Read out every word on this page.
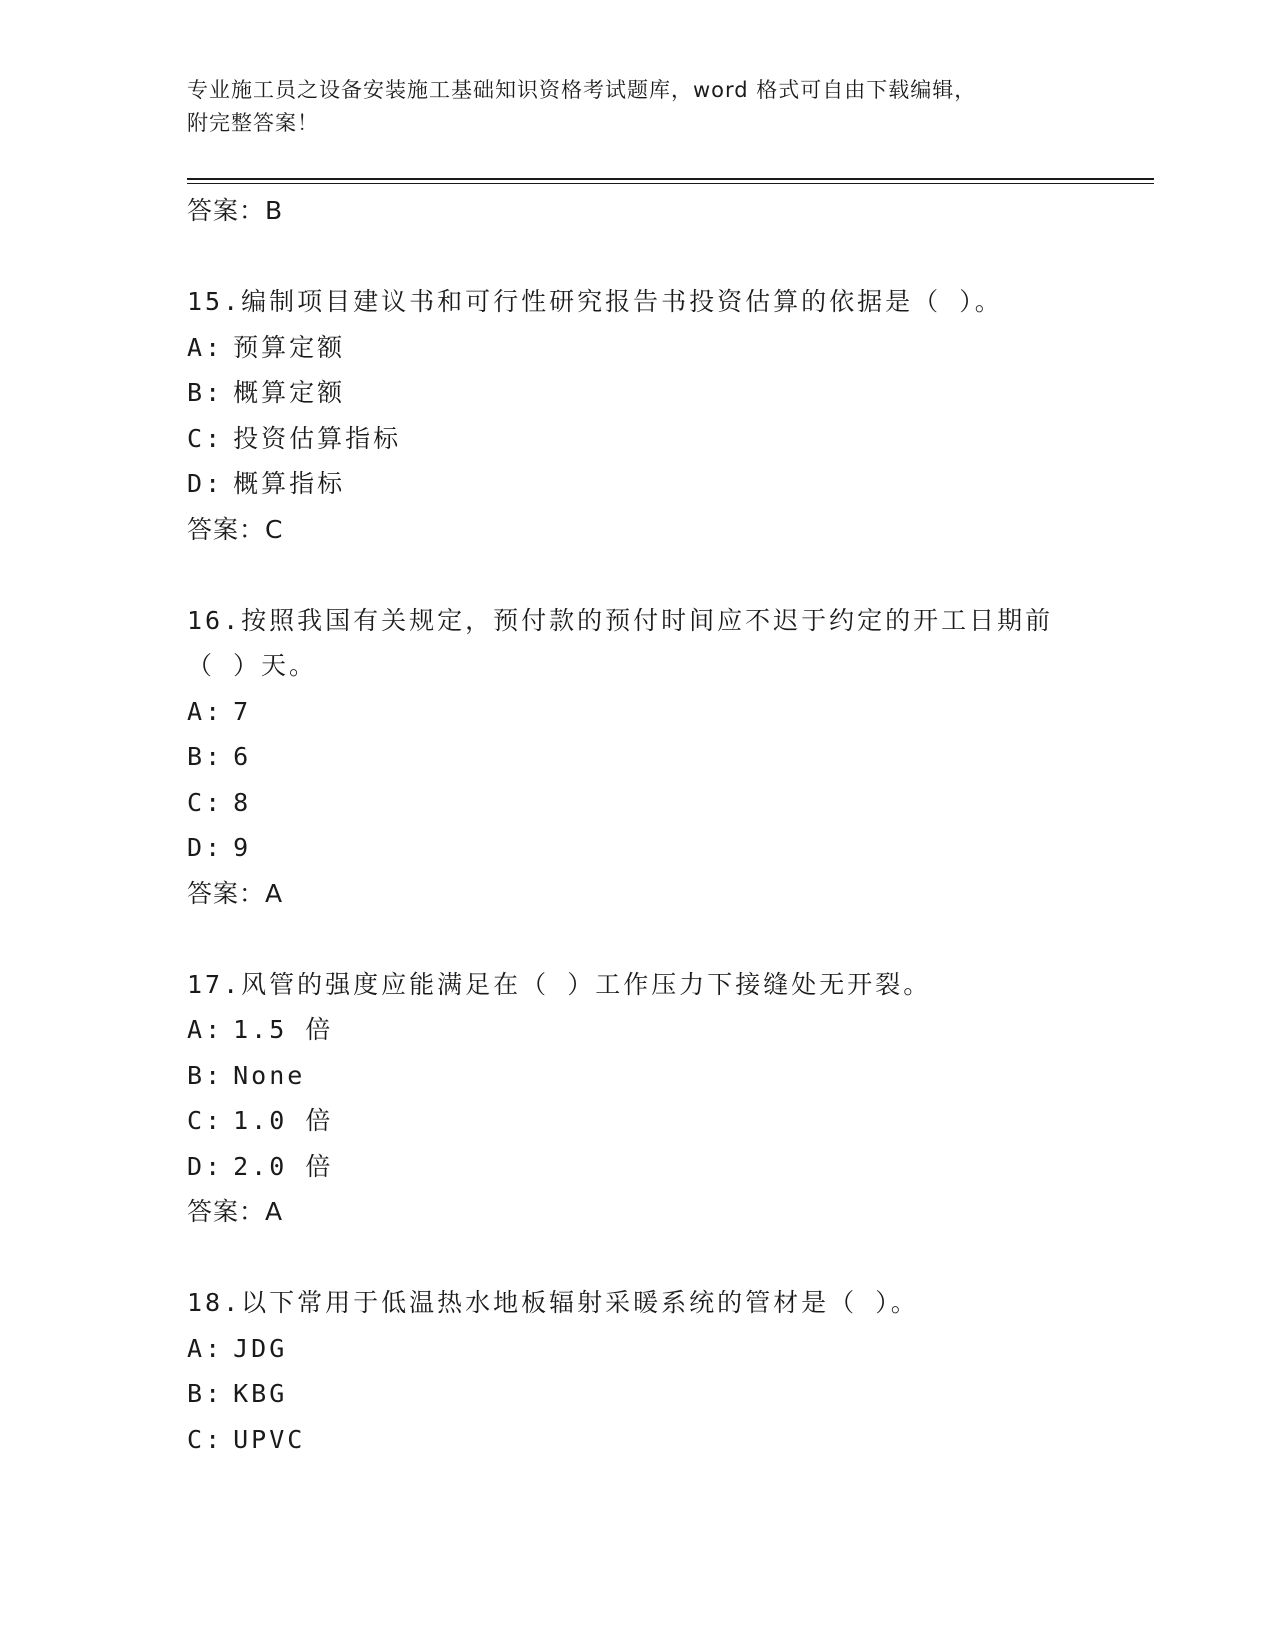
专业施工员之设备安装施工基础知识资格考试题库，word 格式可自由下载编辑，
附完整答案！
答案：B
15.编制项目建议书和可行性研究报告书投资估算的依据是（ ）。
A : 预算定额
B : 概算定额
C : 投资估算指标
D : 概算指标
答案：C
16.按照我国有关规定，预付款的预付时间应不迟于约定的开工日期前（ ）天。
A : 7
B : 6
C : 8
D : 9
答案：A
17.风管的强度应能满足在（ ）工作压力下接缝处无开裂。
A : 1.5 倍
B : None
C : 1.0 倍
D : 2.0 倍
答案：A
18.以下常用于低温热水地板辐射采暖系统的管材是（ ）。
A : JDG
B : KBG
C : UPVC
